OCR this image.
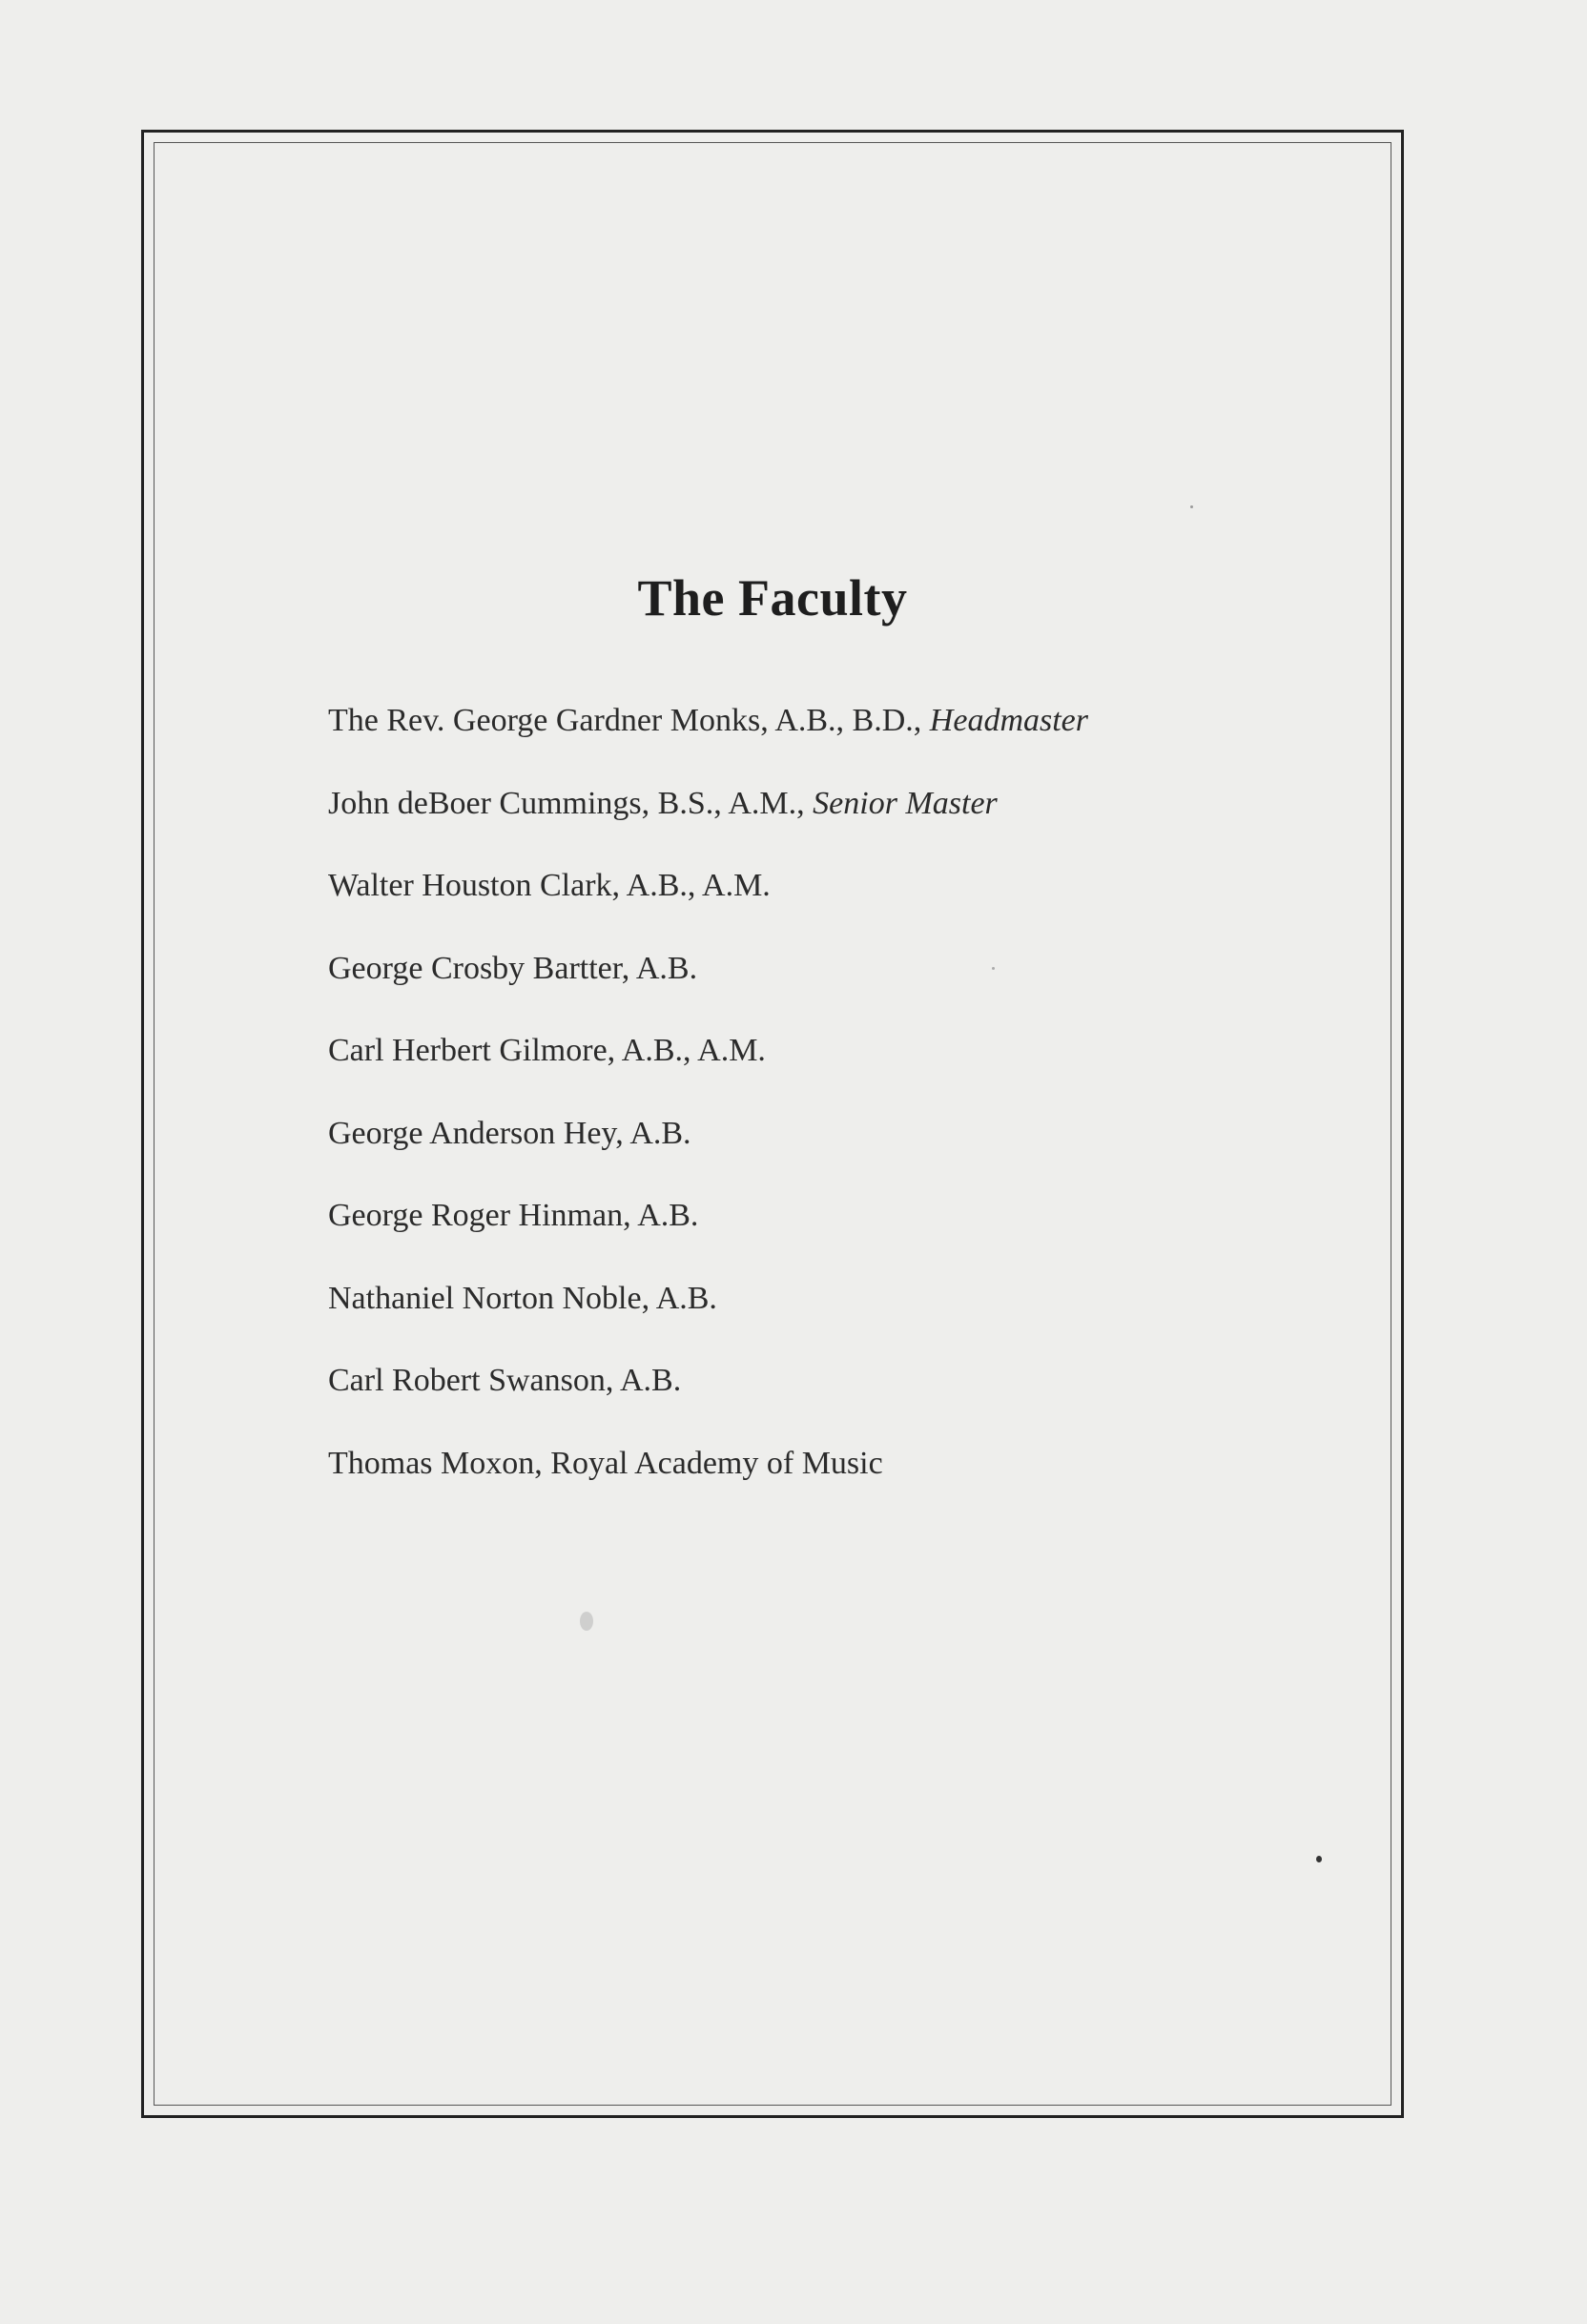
The Faculty
The Rev. George Gardner Monks, A.B., B.D., Headmaster
John deBoer Cummings, B.S., A.M., Senior Master
Walter Houston Clark, A.B., A.M.
George Crosby Bartter, A.B.
Carl Herbert Gilmore, A.B., A.M.
George Anderson Hey, A.B.
George Roger Hinman, A.B.
Nathaniel Norton Noble, A.B.
Carl Robert Swanson, A.B.
Thomas Moxon, Royal Academy of Music
